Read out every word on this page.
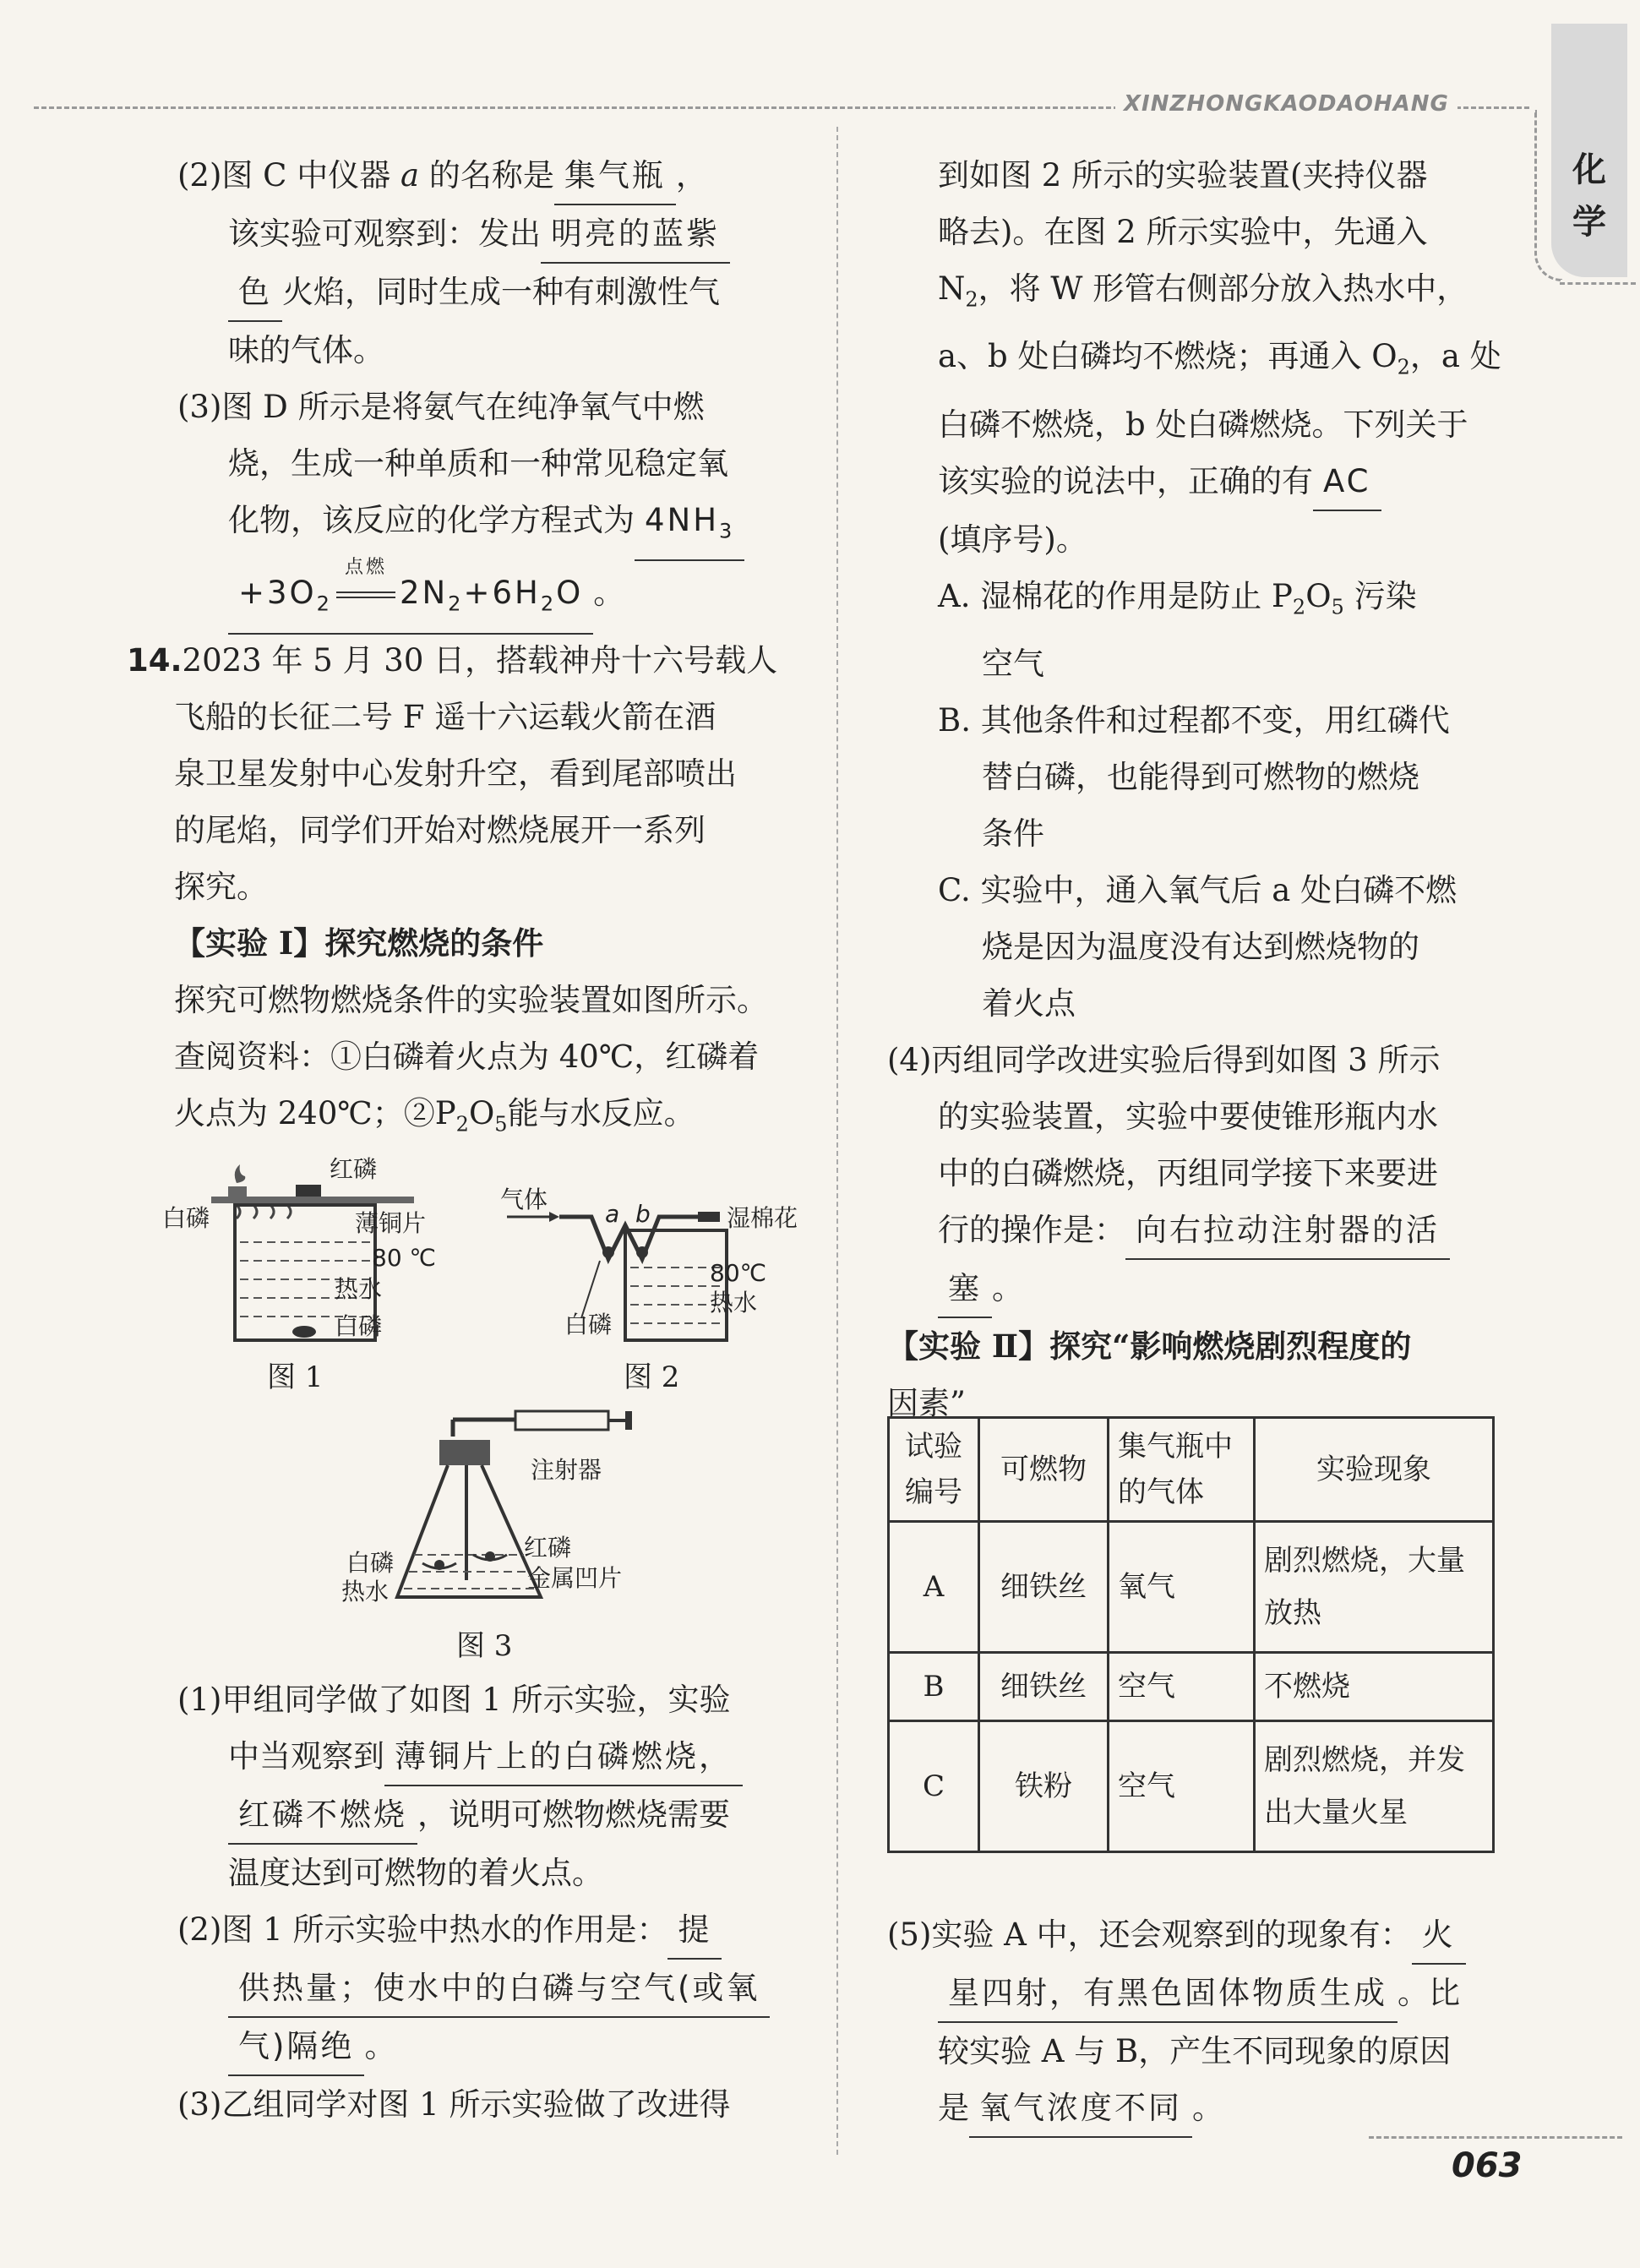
XINZHONGKAODAOHANG
化
学

(2)图 C 中仪器 a 的名称是 集气瓶 ，

该实验可观察到：发出 明亮的蓝紫

色 火焰，同时生成一种有刺激性气

味的气体。

(3)图 D 所示是将氨气在纯净氧气中燃

烧，生成一种单质和一种常见稳定氧

化物，该反应的化学方程式为 $4NH_3$

$+3O_2$
点燃
$2N_2+6H_2O$ 。

14.2023 年 5 月 30 日，搭载神舟十六号载人

飞船的长征二号 F 遥十六运载火箭在酒

泉卫星发射中心发射升空，看到尾部喷出

的尾焰，同学们开始对燃烧展开一系列

探究。

【实验 Ⅰ】探究燃烧的条件

探究可燃物燃烧条件的实验装置如图所示。

查阅资料：①白磷着火点为 40℃，红磷着

火点为 240℃；$②P_2O_5$能与水反应。

红磷
白磷	薄铜片
80 ℃
热水
白磷
图 1
气体
a b	湿棉花
80℃
热水
白磷
图 2
注射器
红磷
白磷
金属凹片
热水
图 3

(1)甲组同学做了如图 1 所示实验，实验

中当观察到 薄铜片上的白磷燃烧，

红磷不燃烧 ，说明可燃物燃烧需要

温度达到可燃物的着火点。

(2)图 1 所示实验中热水的作用是： 提

供热量；使水中的白磷与空气(或氧

气)隔绝 。

(3)乙组同学对图 1 所示实验做了改进得

到如图 2 所示的实验装置(夹持仪器

略去)。在图 2 所示实验中，先通入

$N_2$，将 W 形管右侧部分放入热水中，

a、b 处白磷均不燃烧；再通入 $O_2$，a 处

白磷不燃烧，b 处白磷燃烧。下列关于

该实验的说法中，正确的有 AC

(填序号)。

A. 湿棉花的作用是防止 $P_2O_5$ 污染

空气

B. 其他条件和过程都不变，用红磷代

替白磷，也能得到可燃物的燃烧

条件

C. 实验中，通入氧气后 a 处白磷不燃

烧是因为温度没有达到燃烧物的

着火点

(4)丙组同学改进实验后得到如图 3 所示

的实验装置，实验中要使锥形瓶内水

中的白磷燃烧，丙组同学接下来要进

行的操作是： 向右拉动注射器的活

塞 。

【实验 Ⅱ】探究“影响燃烧剧烈程度的

因素”

试验编号	可燃物	集气瓶中的气体	实验现象
A	细铁丝	氧气	剧烈燃烧，大量放热
B	细铁丝	空气	不燃烧
C	铁粉	空气	剧烈燃烧，并发出大量火星

(5)实验 A 中，还会观察到的现象有： 火

星四射，有黑色固体物质生成 。比

较实验 A 与 B，产生不同现象的原因

是 氧气浓度不同 。

063
